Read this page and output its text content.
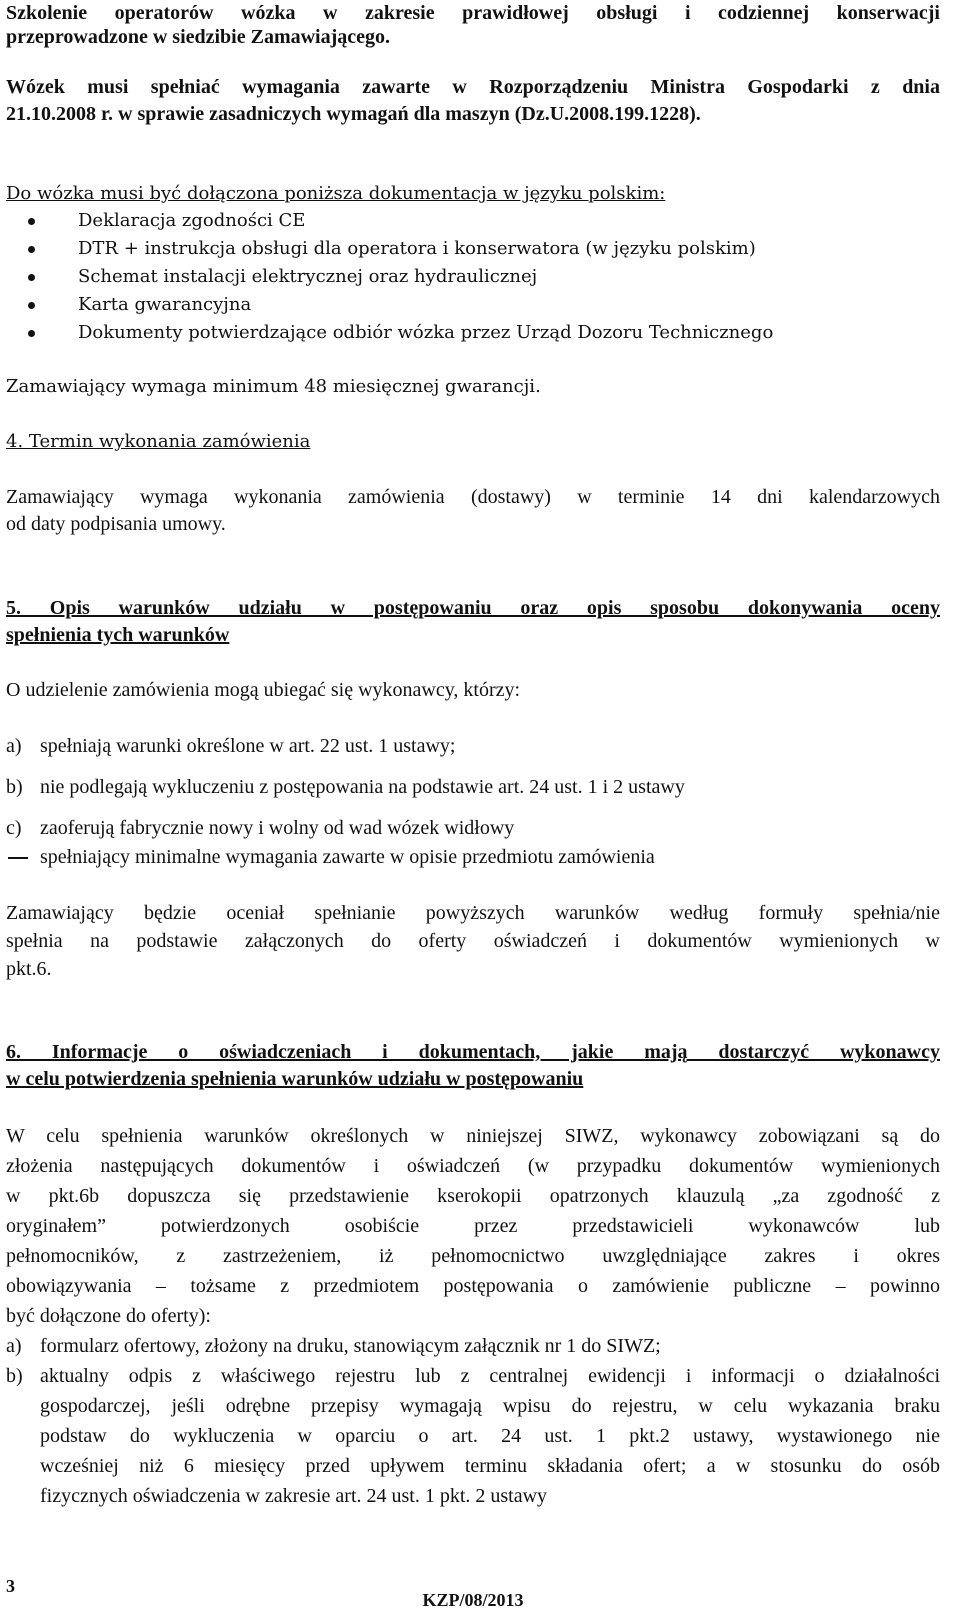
Szkolenie operatorów wózka w zakresie prawidłowej obsługi i codziennej konserwacji

przeprowadzone w siedzibie Zamawiającego.

Wózek musi spełniać wymagania zawarte w Rozporządzeniu Ministra Gospodarki z dnia

21.10.2008 r. w sprawie zasadniczych wymagań dla maszyn (Dz.U.2008.199.1228).

Do wózka musi być dołączona poniższa dokumentacja w języku polskim:

Deklaracja zgodności CE
DTR + instrukcja obsługi dla operatora i konserwatora (w języku polskim)
Schemat instalacji elektrycznej oraz hydraulicznej
Karta gwarancyjna
Dokumenty potwierdzające odbiór wózka przez Urząd Dozoru Technicznego

Zamawiający wymaga minimum 48 miesięcznej gwarancji.

4. Termin wykonania zamówienia

Zamawiający wymaga wykonania zamówienia (dostawy) w terminie 14 dni kalendarzowych

od daty podpisania umowy.

5. Opis warunków udziału w postępowaniu oraz opis sposobu dokonywania oceny

spełnienia tych warunków

O udzielenie zamówienia mogą ubiegać się wykonawcy, którzy:

a) spełniają warunki określone w art. 22 ust. 1 ustawy;
b) nie podlegają wykluczeniu z postępowania na podstawie art. 24 ust. 1 i 2 ustawy
c) zaoferują fabrycznie nowy i wolny od wad wózek widłowy
spełniający minimalne wymagania zawarte w opisie przedmiotu zamówienia

Zamawiający będzie oceniał spełnianie powyższych warunków według formuły spełnia/nie

spełnia na podstawie załączonych do oferty oświadczeń i dokumentów wymienionych w

pkt.6.

6. Informacje o oświadczeniach i dokumentach, jakie mają dostarczyć wykonawcy

w celu potwierdzenia spełnienia warunków udziału w postępowaniu

W celu spełnienia warunków określonych w niniejszej SIWZ, wykonawcy zobowiązani są do

złożenia następujących dokumentów i oświadczeń (w przypadku dokumentów wymienionych

w pkt.6b dopuszcza się przedstawienie kserokopii opatrzonych klauzulą „za zgodność z

oryginałem” potwierdzonych osobiście przez przedstawicieli wykonawców lub

pełnomocników, z zastrzeżeniem, iż pełnomocnictwo uwzględniające zakres i okres

obowiązywania – tożsame z przedmiotem postępowania o zamówienie publiczne – powinno

być dołączone do oferty):

a) formularz ofertowy, złożony na druku, stanowiącym załącznik nr 1 do SIWZ;
b) aktualny odpis z właściwego rejestru lub z centralnej ewidencji i informacji o działalności
gospodarczej, jeśli odrębne przepisy wymagają wpisu do rejestru, w celu wykazania braku
podstaw do wykluczenia w oparciu o art. 24 ust. 1 pkt.2 ustawy, wystawionego nie
wcześniej niż 6 miesięcy przed upływem terminu składania ofert; a w stosunku do osób
fizycznych oświadczenia w zakresie art. 24 ust. 1 pkt. 2 ustawy
3
KZP/08/2013
